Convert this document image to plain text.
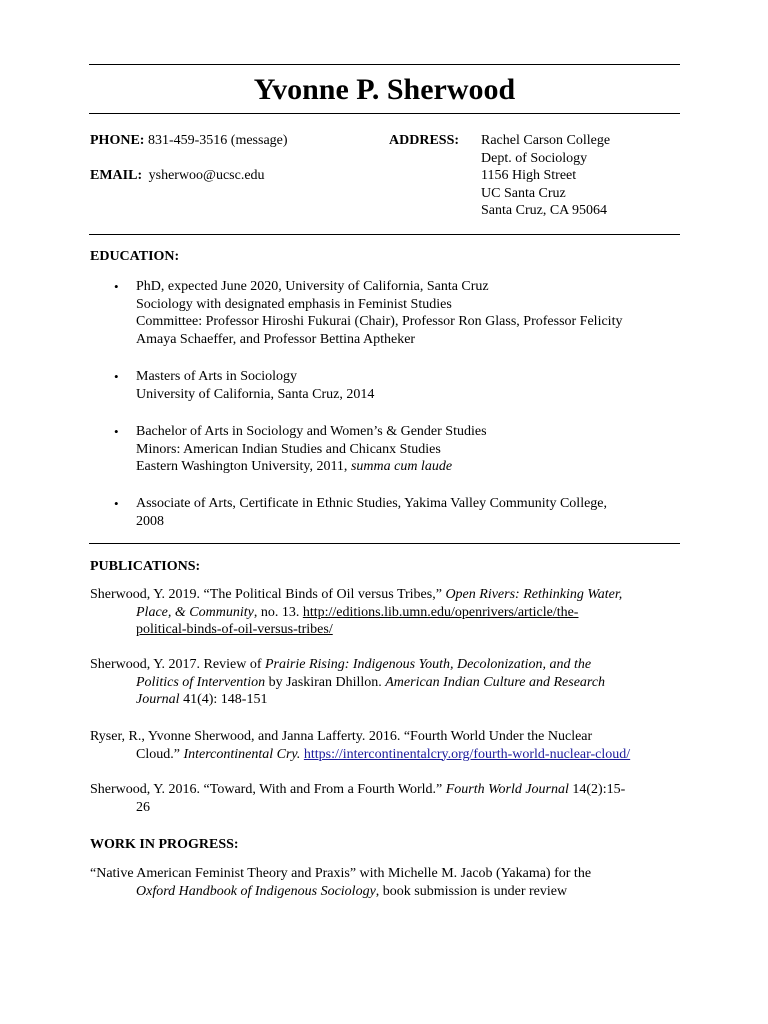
Yvonne P. Sherwood
PHONE: 831-459-3516 (message)
EMAIL: ysherwoo@ucsc.edu
ADDRESS: Rachel Carson College
Dept. of Sociology
1156 High Street
UC Santa Cruz
Santa Cruz, CA 95064
EDUCATION:
• PhD, expected June 2020, University of California, Santa Cruz
Sociology with designated emphasis in Feminist Studies
Committee: Professor Hiroshi Fukurai (Chair), Professor Ron Glass, Professor Felicity
Amaya Schaeffer, and Professor Bettina Aptheker
• Masters of Arts in Sociology
University of California, Santa Cruz, 2014
• Bachelor of Arts in Sociology and Women’s & Gender Studies
Minors: American Indian Studies and Chicanx Studies
Eastern Washington University, 2011, summa cum laude
• Associate of Arts, Certificate in Ethnic Studies, Yakima Valley Community College,
2008
PUBLICATIONS:
Sherwood, Y. 2019. “The Political Binds of Oil versus Tribes,” Open Rivers: Rethinking Water,
Place, & Community, no. 13. http://editions.lib.umn.edu/openrivers/article/the-
political-binds-of-oil-versus-tribes/
Sherwood, Y. 2017. Review of Prairie Rising: Indigenous Youth, Decolonization, and the
Politics of Intervention by Jaskiran Dhillon. American Indian Culture and Research
Journal 41(4): 148-151
Ryser, R., Yvonne Sherwood, and Janna Lafferty. 2016. “Fourth World Under the Nuclear
Cloud.” Intercontinental Cry. https://intercontinentalcry.org/fourth-world-nuclear-cloud/
Sherwood, Y. 2016. “Toward, With and From a Fourth World.” Fourth World Journal 14(2):15-
26
WORK IN PROGRESS:
“Native American Feminist Theory and Praxis” with Michelle M. Jacob (Yakama) for the
Oxford Handbook of Indigenous Sociology, book submission is under review
